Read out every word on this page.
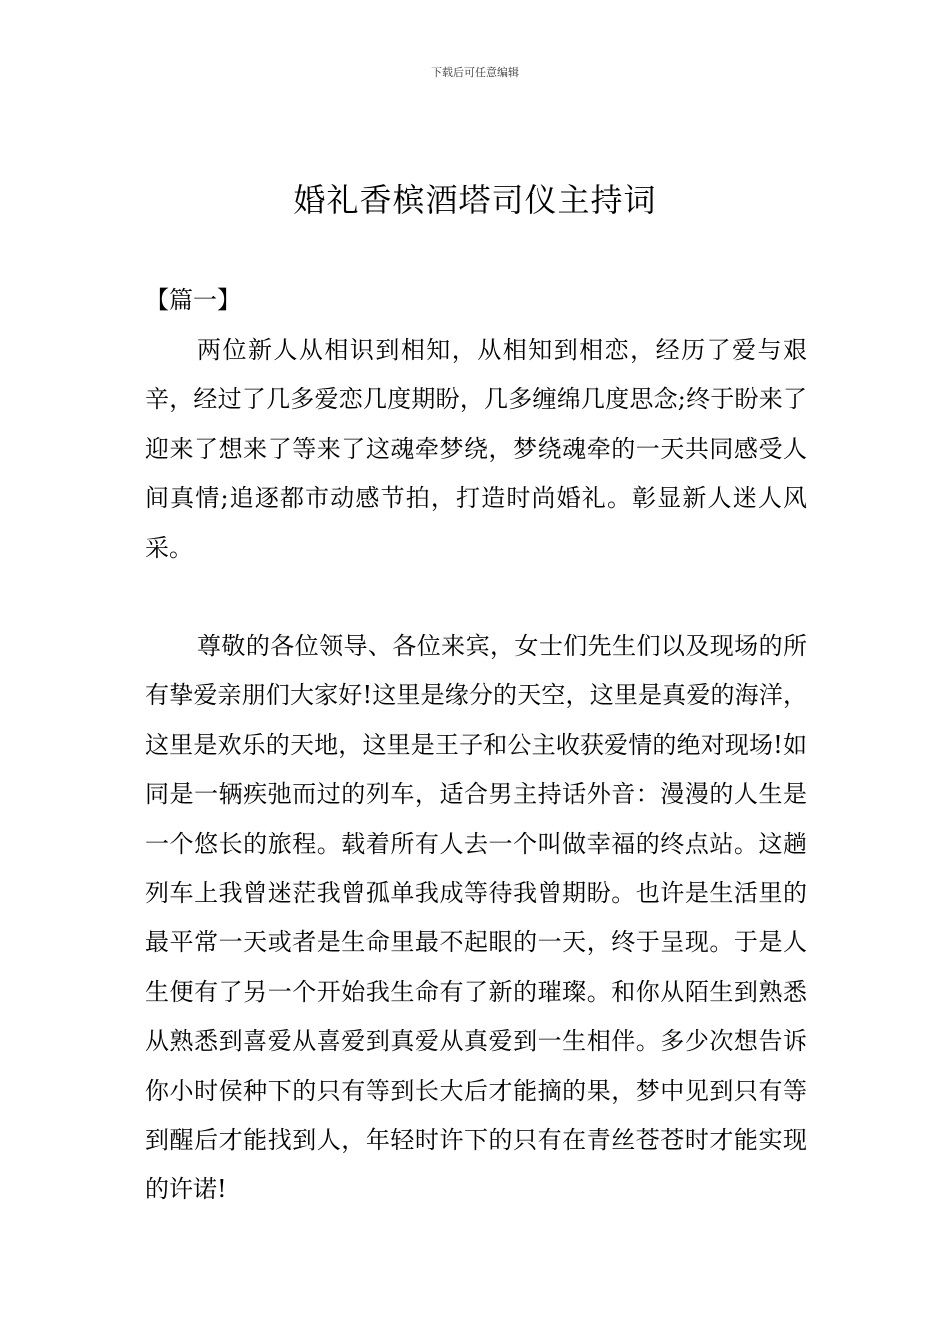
下载后可任意编辑
婚礼香槟酒塔司仪主持词
【篇一】

两位新人从相识到相知，从相知到相恋，经历了爱与艰辛，经过了几多爱恋几度期盼，几多缠绵几度思念;终于盼来了迎来了想来了等来了这魂牵梦绕，梦绕魂牵的一天共同感受人间真情;追逐都市动感节拍，打造时尚婚礼。彰显新人迷人风采。

尊敬的各位领导、各位来宾，女士们先生们以及现场的所有挚爱亲朋们大家好!这里是缘分的天空，这里是真爱的海洋，这里是欢乐的天地，这里是王子和公主收获爱情的绝对现场!如同是一辆疾弛而过的列车，适合男主持话外音：漫漫的人生是一个悠长的旅程。载着所有人去一个叫做幸福的终点站。这趟列车上我曾迷茫我曾孤单我成等待我曾期盼。也许是生活里的最平常一天或者是生命里最不起眼的一天，终于呈现。于是人生便有了另一个开始我生命有了新的璀璨。和你从陌生到熟悉从熟悉到喜爱从喜爱到真爱从真爱到一生相伴。多少次想告诉你小时侯种下的只有等到长大后才能摘的果，梦中见到只有等到醒后才能找到人，年轻时许下的只有在青丝苍苍时才能实现的许诺!
